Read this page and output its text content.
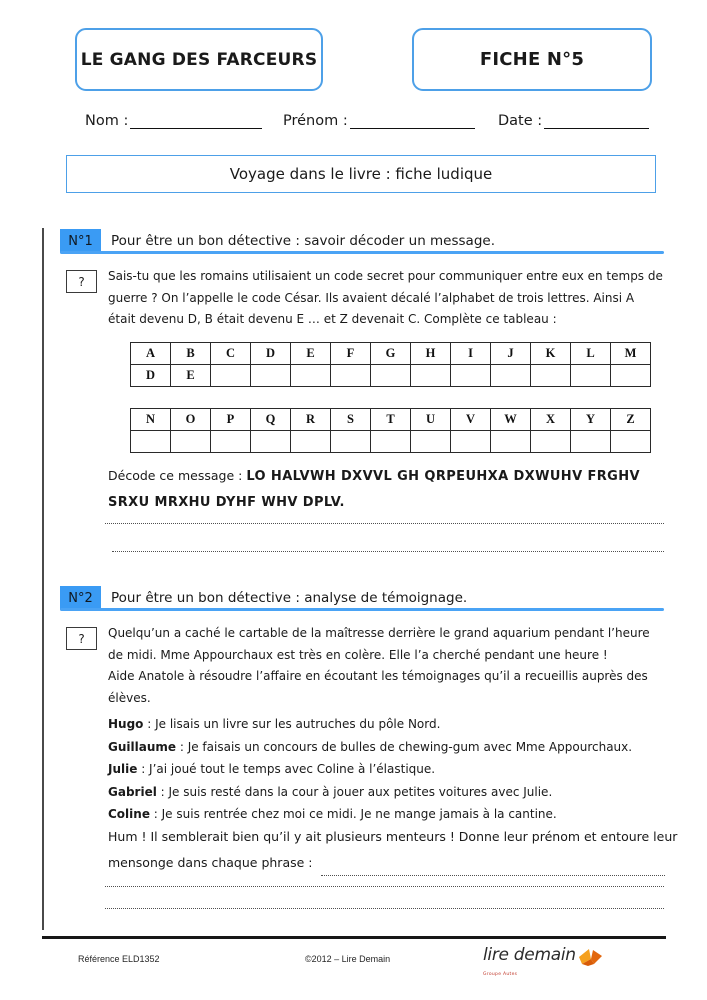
LE GANG DES FARCEURS	FICHE N°5
Nom :	Prénom :	Date :
Voyage dans le livre : fiche ludique
N°1 Pour être un bon détective : savoir décoder un message.
? Sais-tu que les romains utilisaient un code secret pour communiquer entre eux en temps de guerre ? On l’appelle le code César. Ils avaient décalé l’alphabet de trois lettres. Ainsi A était devenu D, B était devenu E … et Z devenait C. Complète ce tableau :

A	B	C	D	E	F	G	H	I	J	K	L	M
D	E											
N	O	P	Q	R	S	T	U	V	W	X	Y	Z

Décode ce message : LO HALVWH DXVVL GH QRPEUHXA DXWUHV FRGHV SRXU MRXHU DYHF WHV DPLV.
N°2 Pour être un bon détective : analyse de témoignage.
? Quelqu’un a caché le cartable de la maîtresse derrière le grand aquarium pendant l’heure de midi. Mme Appourchaux est très en colère. Elle l’a cherché pendant une heure !

Aide Anatole à résoudre l’affaire en écoutant les témoignages qu’il a recueillis auprès des élèves.

Hugo : Je lisais un livre sur les autruches du pôle Nord.
Guillaume : Je faisais un concours de bulles de chewing-gum avec Mme Appourchaux.
Julie : J’ai joué tout le temps avec Coline à l’élastique.
Gabriel : Je suis resté dans la cour à jouer aux petites voitures avec Julie.
Coline : Je suis rentrée chez moi ce midi. Je ne mange jamais à la cantine.
Hum ! Il semblerait bien qu’il y ait plusieurs menteurs ! Donne leur prénom et entoure leur
mensonge dans chaque phrase :
Référence ELD1352	©2012 – Lire Demain	lire demain
Groupe Autes
